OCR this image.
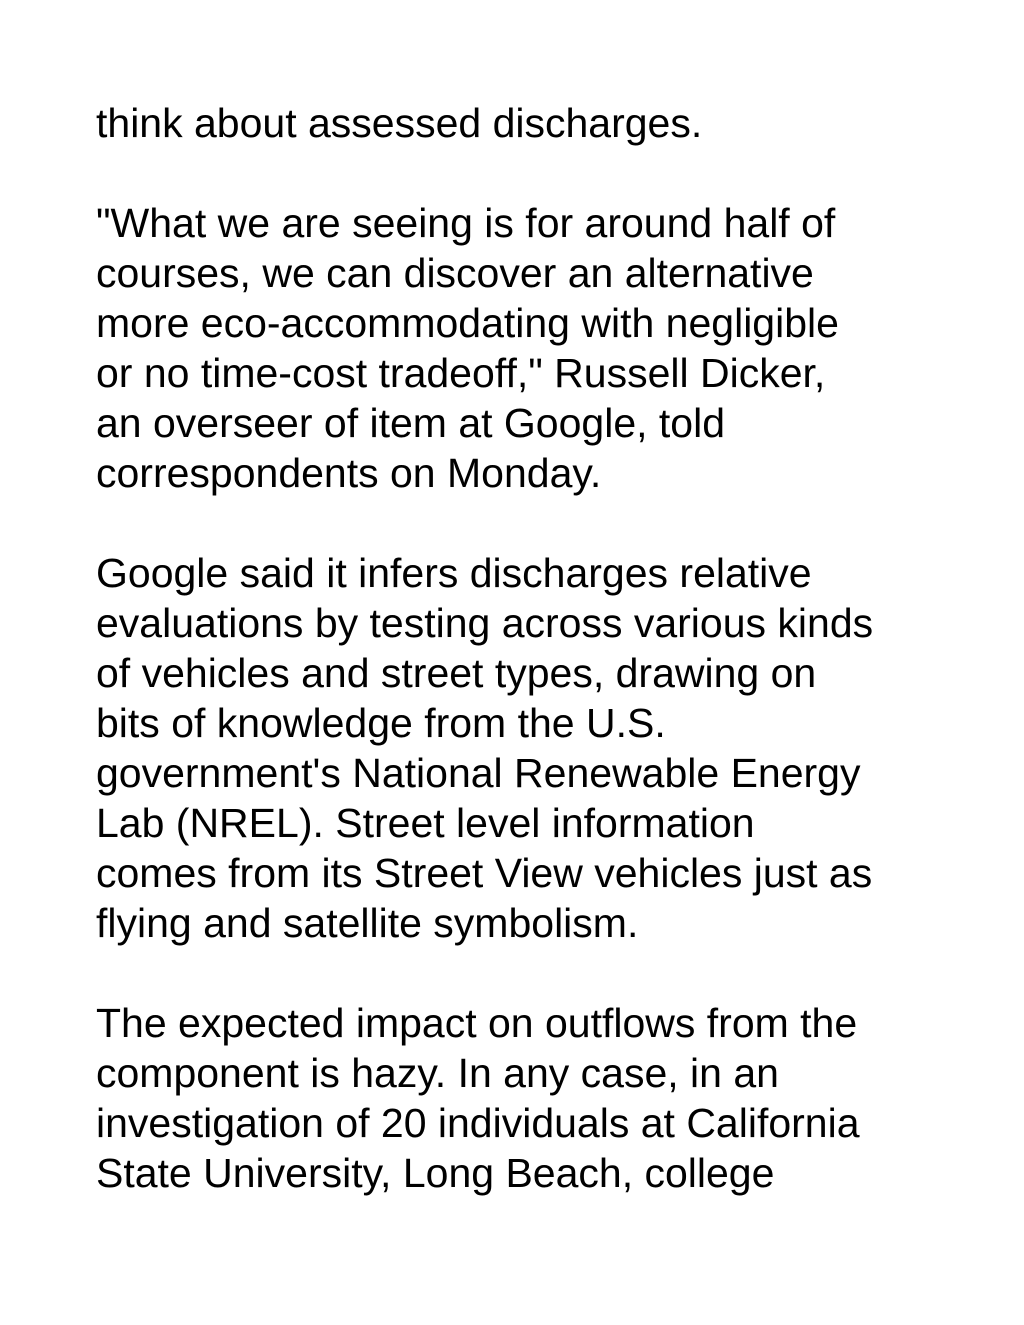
think about assessed discharges.

"What we are seeing is for around half of
courses, we can discover an alternative
more eco-accommodating with negligible
or no time-cost tradeoff," Russell Dicker,
an overseer of item at Google, told
correspondents on Monday.

Google said it infers discharges relative
evaluations by testing across various kinds
of vehicles and street types, drawing on
bits of knowledge from the U.S.
government's National Renewable Energy
Lab (NREL). Street level information
comes from its Street View vehicles just as
flying and satellite symbolism.

The expected impact on outflows from the
component is hazy. In any case, in an
investigation of 20 individuals at California
State University, Long Beach, college
